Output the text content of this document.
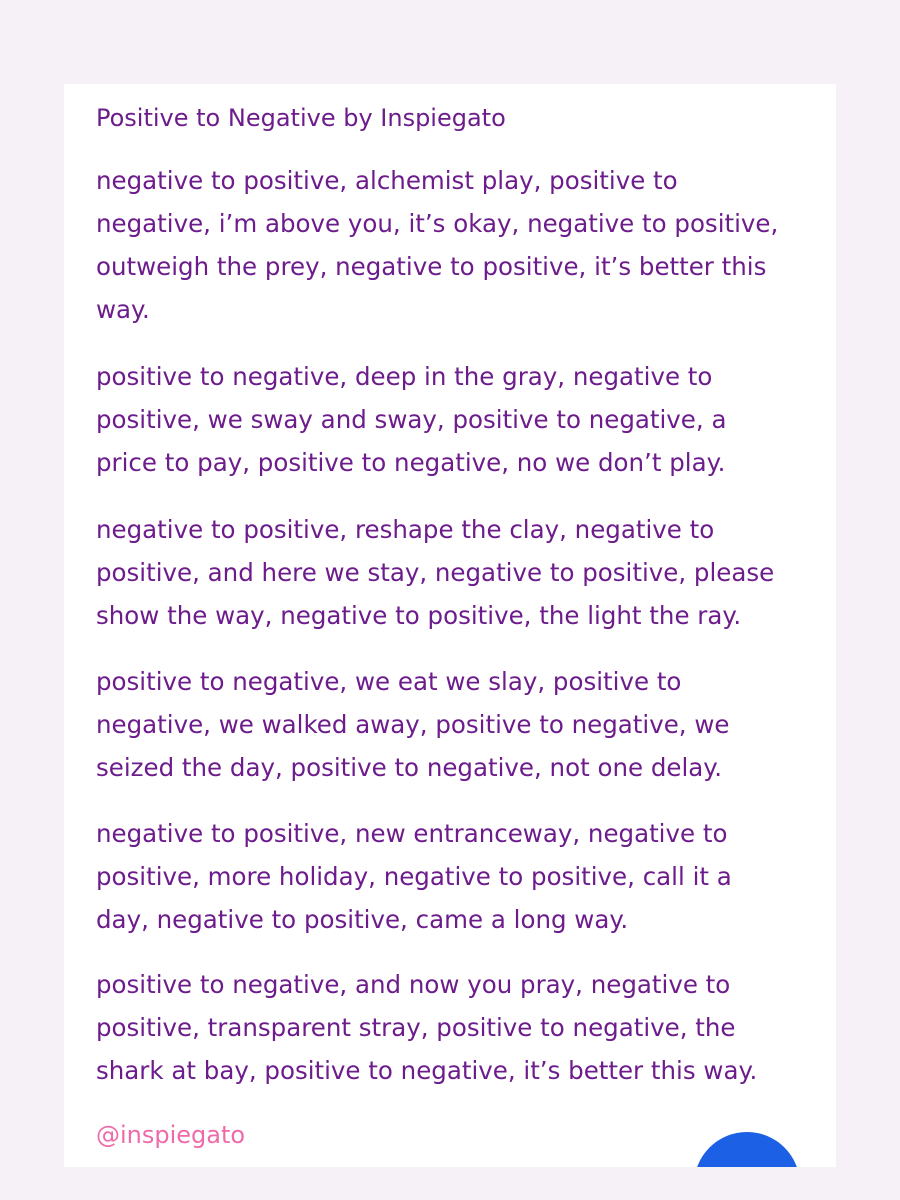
Positive to Negative by Inspiegato

negative to positive, alchemist play, positive to
negative, i’m above you, it’s okay, negative to positive,
outweigh the prey, negative to positive, it’s better this
way.

positive to negative, deep in the gray, negative to
positive, we sway and sway, positive to negative, a
price to pay, positive to negative, no we don’t play.

negative to positive, reshape the clay, negative to
positive, and here we stay, negative to positive, please
show the way, negative to positive, the light the ray.

positive to negative, we eat we slay, positive to
negative, we walked away, positive to negative, we
seized the day, positive to negative, not one delay.

negative to positive, new entranceway, negative to
positive, more holiday, negative to positive, call it a
day, negative to positive, came a long way.

positive to negative, and now you pray, negative to
positive, transparent stray, positive to negative, the
shark at bay, positive to negative, it’s better this way.

@inspiegato
